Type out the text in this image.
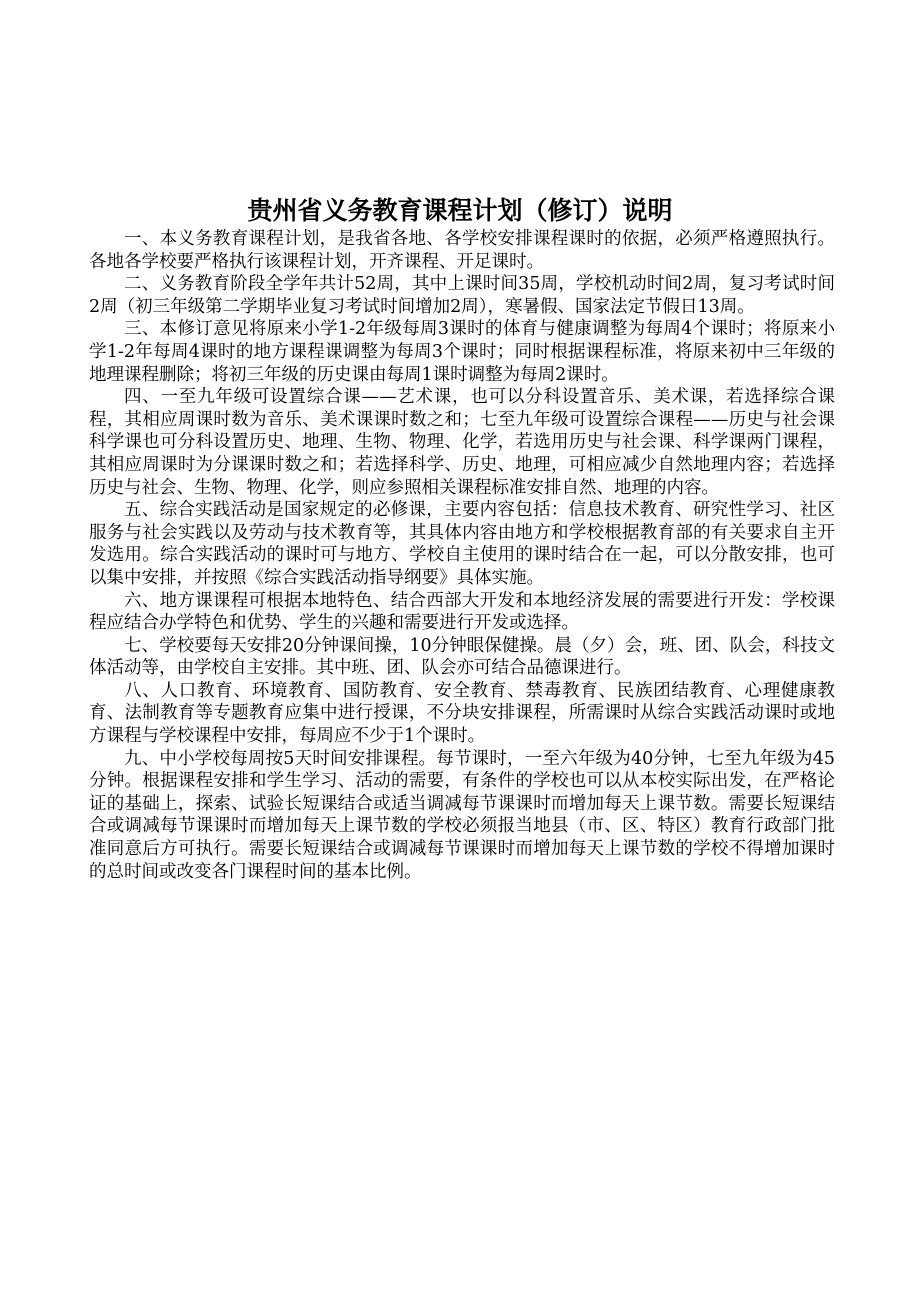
贵州省义务教育课程计划（修订）说明

一、本义务教育课程计划，是我省各地、各学校安排课程课时的依据，必须严格遵照执行。各地各学校要严格执行该课程计划，开齐课程、开足课时。

二、义务教育阶段全学年共计52周，其中上课时间35周，学校机动时间2周，复习考试时间2周（初三年级第二学期毕业复习考试时间增加2周），寒暑假、国家法定节假日13周。

三、本修订意见将原来小学1-2年级每周3课时的体育与健康调整为每周4个课时；将原来小学1-2年每周4课时的地方课程课调整为每周3个课时；同时根据课程标准，将原来初中三年级的地理课程删除；将初三年级的历史课由每周1课时调整为每周2课时。

四、一至九年级可设置综合课——艺术课，也可以分科设置音乐、美术课，若选择综合课程，其相应周课时数为音乐、美术课课时数之和；七至九年级可设置综合课程——历史与社会课科学课也可分科设置历史、地理、生物、物理、化学，若选用历史与社会课、科学课两门课程，其相应周课时为分课课时数之和；若选择科学、历史、地理，可相应减少自然地理内容；若选择历史与社会、生物、物理、化学，则应参照相关课程标准安排自然、地理的内容。

五、综合实践活动是国家规定的必修课，主要内容包括：信息技术教育、研究性学习、社区服务与社会实践以及劳动与技术教育等，其具体内容由地方和学校根据教育部的有关要求自主开发选用。综合实践活动的课时可与地方、学校自主使用的课时结合在一起，可以分散安排，也可以集中安排，并按照《综合实践活动指导纲要》具体实施。

六、地方课课程可根据本地特色、结合西部大开发和本地经济发展的需要进行开发：学校课程应结合办学特色和优势、学生的兴趣和需要进行开发或选择。

七、学校要每天安排20分钟课间操，10分钟眼保健操。晨（夕）会，班、团、队会，科技文体活动等，由学校自主安排。其中班、团、队会亦可结合品德课进行。

八、人口教育、环境教育、国防教育、安全教育、禁毒教育、民族团结教育、心理健康教育、法制教育等专题教育应集中进行授课，不分块安排课程，所需课时从综合实践活动课时或地方课程与学校课程中安排，每周应不少于1个课时。

九、中小学校每周按5天时间安排课程。每节课时，一至六年级为40分钟，七至九年级为45分钟。根据课程安排和学生学习、活动的需要，有条件的学校也可以从本校实际出发，在严格论证的基础上，探索、试验长短课结合或适当调减每节课课时而增加每天上课节数。需要长短课结合或调减每节课课时而增加每天上课节数的学校必须报当地县（市、区、特区）教育行政部门批准同意后方可执行。需要长短课结合或调减每节课课时而增加每天上课节数的学校不得增加课时的总时间或改变各门课程时间的基本比例。
